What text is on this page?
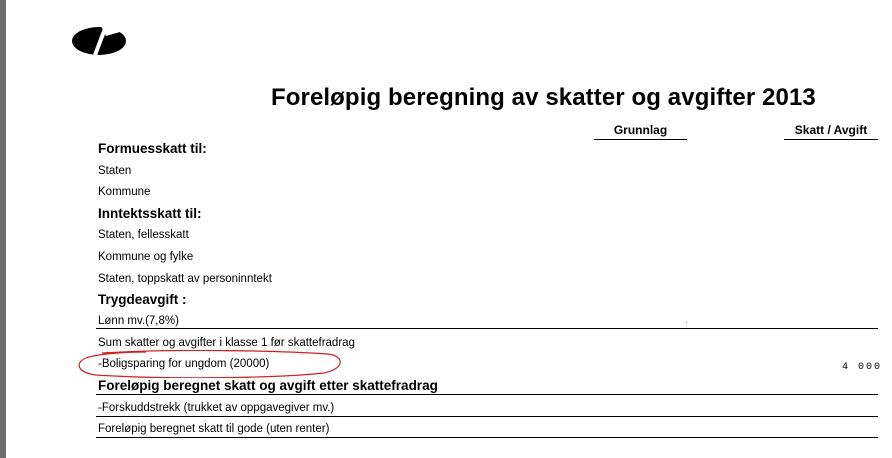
Foreløpig beregning av skatter og avgifter 2013
Grunnlag	Skatt / Avgift
Formuesskatt til:
Staten
Kommune
Inntektsskatt til:
Staten, fellesskatt
Kommune og fylke
Staten, toppskatt av personinntekt
Trygdeavgift :
Lønn mv.(7,8%)
Sum skatter og avgifter i klasse 1 før skattefradrag
-Boligsparing for ungdom (20000)	4 000
Foreløpig beregnet skatt og avgift etter skattefradrag
-Forskuddstrekk (trukket av oppgavegiver mv.)
Foreløpig beregnet skatt til gode (uten renter)
